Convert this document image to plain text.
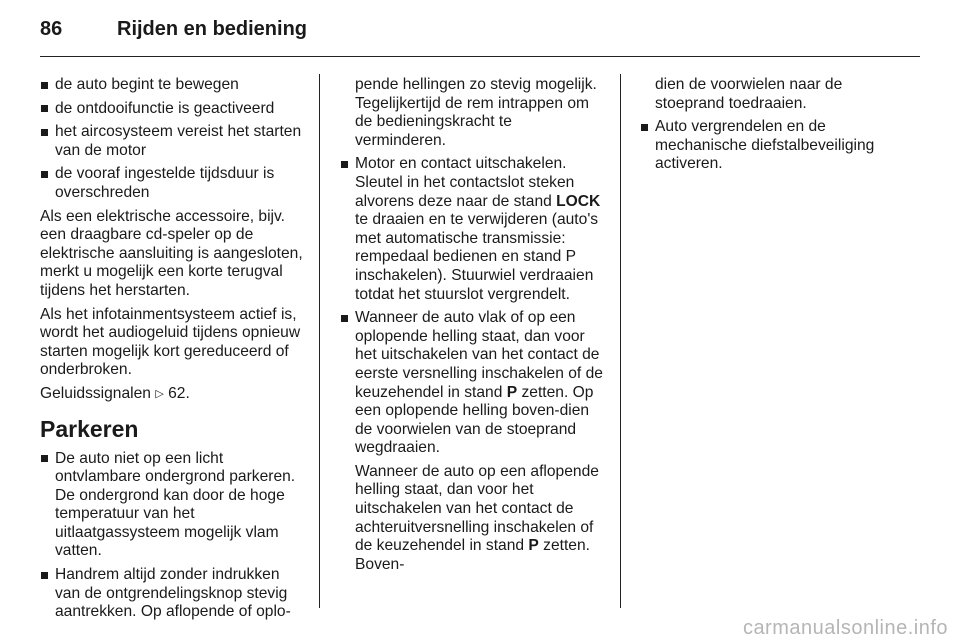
86	Rijden en bediening
de auto begint te bewegen
de ontdooifunctie is geactiveerd
het aircosysteem vereist het starten van de motor
de vooraf ingestelde tijdsduur is overschreden

Als een elektrische accessoire, bijv. een draagbare cd-speler op de elektrische aansluiting is aangesloten, merkt u mogelijk een korte terugval tijdens het herstarten.

Als het infotainmentsysteem actief is, wordt het audiogeluid tijdens opnieuw starten mogelijk kort gereduceerd of onderbroken.

Geluidssignalen ▷ 62.

Parkeren
De auto niet op een licht ontvlambare ondergrond parkeren. De ondergrond kan door de hoge temperatuur van het uitlaatgassysteem mogelijk vlam vatten.
Handrem altijd zonder indrukken van de ontgrendelingsknop stevig aantrekken. Op aflopende of oplo-
pende hellingen zo stevig mogelijk. Tegelijkertijd de rem intrappen om de bedieningskracht te verminderen.
Motor en contact uitschakelen. Sleutel in het contactslot steken alvorens deze naar de stand LOCK te draaien en te verwijderen (auto's met automatische transmissie: rempedaal bedienen en stand P inschakelen). Stuurwiel verdraaien totdat het stuurslot vergrendelt.
Wanneer de auto vlak of op een oplopende helling staat, dan voor het uitschakelen van het contact de eerste versnelling inschakelen of de keuzehendel in stand P zetten. Op een oplopende helling boven-dien de voorwielen van de stoeprand wegdraaien.
Wanneer de auto op een aflopende helling staat, dan voor het uitschakelen van het contact de achteruitversnelling inschakelen of de keuzehendel in stand P zetten. Boven-
dien de voorwielen naar de stoeprand toedraaien.
Auto vergrendelen en de mechanische diefstalbeveiliging activeren.
carmanualsonline.info
